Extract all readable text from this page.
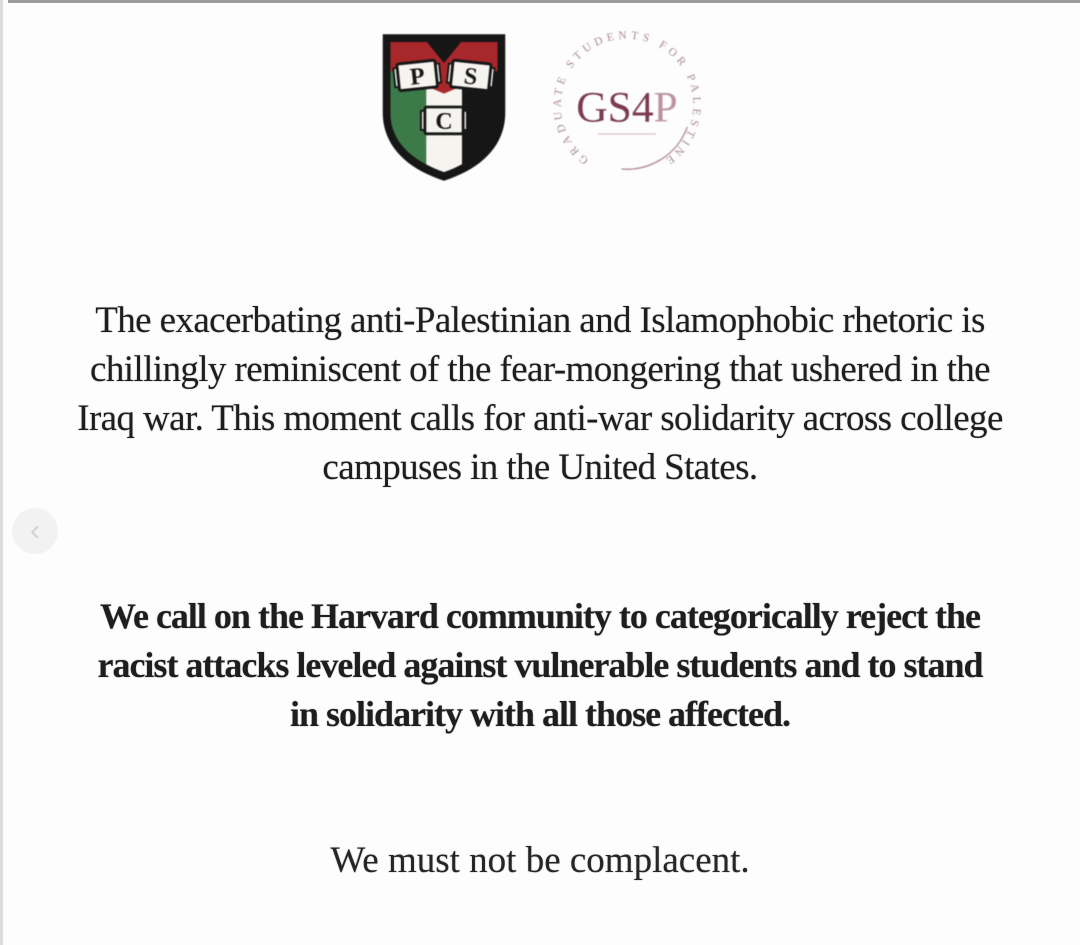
P S
C
GRADUATE STUDENTS FOR PALESTINE
GS4P
The exacerbating anti-Palestinian and Islamophobic rhetoric is
chillingly reminiscent of the fear-mongering that ushered in the
Iraq war. This moment calls for anti-war solidarity across college
campuses in the United States.
‹
We call on the Harvard community to categorically reject the
racist attacks leveled against vulnerable students and to stand
in solidarity with all those affected.
We must not be complacent.
